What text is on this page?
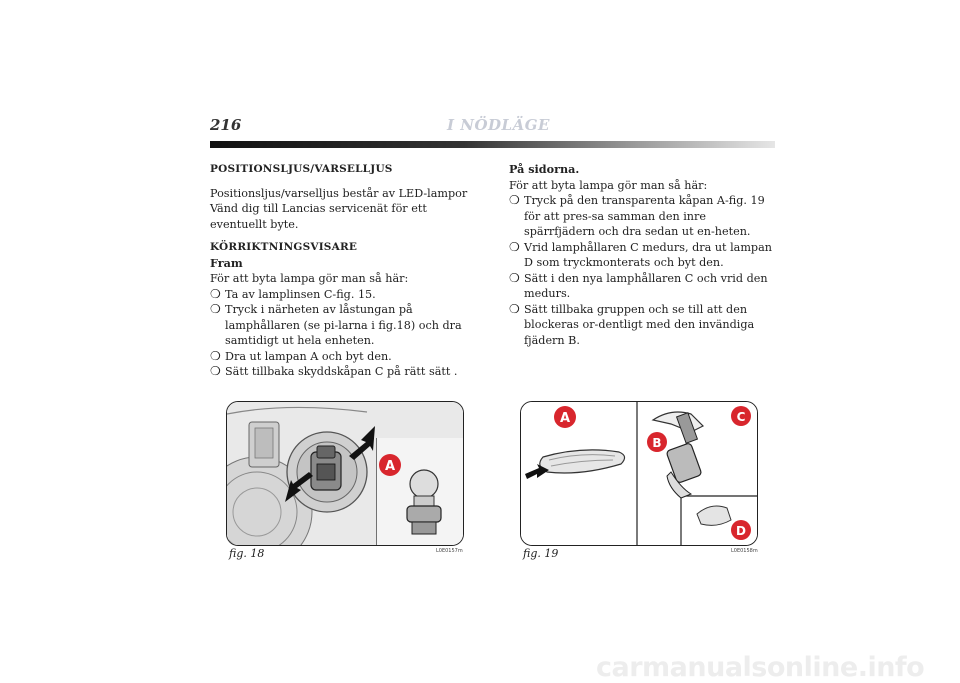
216	I NÖDLÄGE

POSITIONSLJUS/VARSELLJUS

Positionsljus/varselljus består av LED-lampor

Vänd dig till Lancias servicenät för ett eventuellt byte.

KÖRRIKTNINGSVISARE

Fram

För att byta lampa gör man så här:

❍ Ta av lamplinsen C-fig. 15.

❍ Tryck i närheten av låstungan på lamphållaren (se pi-larna i fig.18) och dra samtidigt ut hela enheten.

❍ Dra ut lampan A och byt den.

❍ Sätt tillbaka skyddskåpan C på rätt sätt .

På sidorna.

För att byta lampa gör man så här:

❍ Tryck på den transparenta kåpan A-fig. 19 för att pres-sa samman den inre spärrfjädern och dra sedan ut en-heten.

❍ Vrid lamphållaren C medurs, dra ut lampan D som tryckmonterats och byt den.

❍ Sätt i den nya lamphållaren C och vrid den medurs.

❍ Sätt tillbaka gruppen och se till att den blockeras or-dentligt med den invändiga fjädern B.

A
fig. 18	L0E0157m
A
B
C
D
fig. 19	L0E0158m
carmanualsonline.info
